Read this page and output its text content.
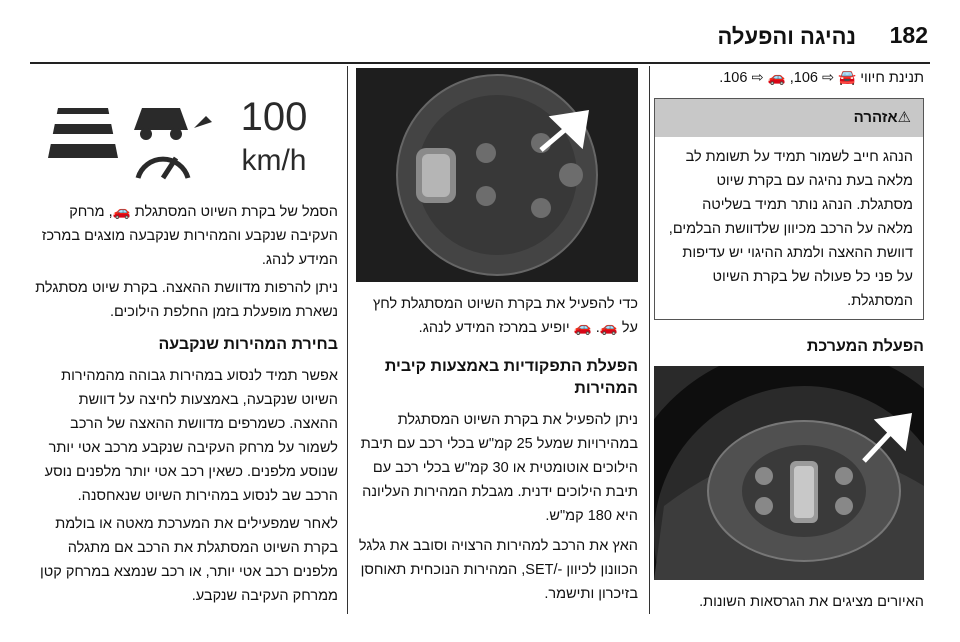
182
נהיגה והפעלה

תנינת חיווי 🚘 ⇨ 106, 🚗 ⇨ 106.

⚠אזהרה
הנהג חייב לשמור תמיד על תשומת לב מלאה בעת נהיגה עם בקרת שיוט מסתגלת. הנהג נותר תמיד בשליטה מלאה על הרכב מכיוון שלדוושת הבלמים, דוושת ההאצה ולמתג ההיגוי יש עדיפות על פני כל פעולה של בקרת השיוט המסתגלת.
הפעלת המערכת

האיורים מציגים את הגרסאות השונות.

כדי להפעיל את בקרת השיוט המסתגלת לחץ על 🚗. 🚗 יופיע במרכז המידע לנהג.

הפעלת התפקודיות באמצעות קיבית המהירות

ניתן להפעיל את בקרת השיוט המסתגלת במהירויות שמעל 25 קמ"ש בכלי רכב עם תיבת הילוכים אוטומטית או 30 קמ"ש בכלי רכב עם תיבת הילוכים ידנית. מגבלת המהירות העליונה היא 180 קמ"ש.

האץ את הרכב למהירות הרצויה וסובב את גלגל הכוונון לכיוון -/SET, המהירות הנוכחית תאוחסן בזיכרון ותישמר.

100
km/h

הסמל של בקרת השיוט המסתגלת 🚗, מרחק העקיבה שנקבע והמהירות שנקבעה מוצגים במרכז המידע לנהג.

ניתן להרפות מדוושת ההאצה. בקרת שיוט מסתגלת נשארת מופעלת בזמן החלפת הילוכים.

בחירת המהירות שנקבעה

אפשר תמיד לנסוע במהירות גבוהה מהמהירות השיוט שנקבעה, באמצעות לחיצה על דוושת ההאצה. כשמרפים מדוושת ההאצה של הרכב לשמור על מרחק העקיבה שנקבע מרכב אטי יותר שנוסע מלפנים. כשאין רכב אטי יותר מלפנים נוסע הרכב שב לנסוע במהירות השיוט שנאחסנה.

לאחר שמפעילים את המערכת מאטה או בולמת בקרת השיוט המסתגלת את הרכב אם מתגלה מלפנים רכב אטי יותר, או רכב שנמצא במרחק קטן ממרחק העקיבה שנקבע.
